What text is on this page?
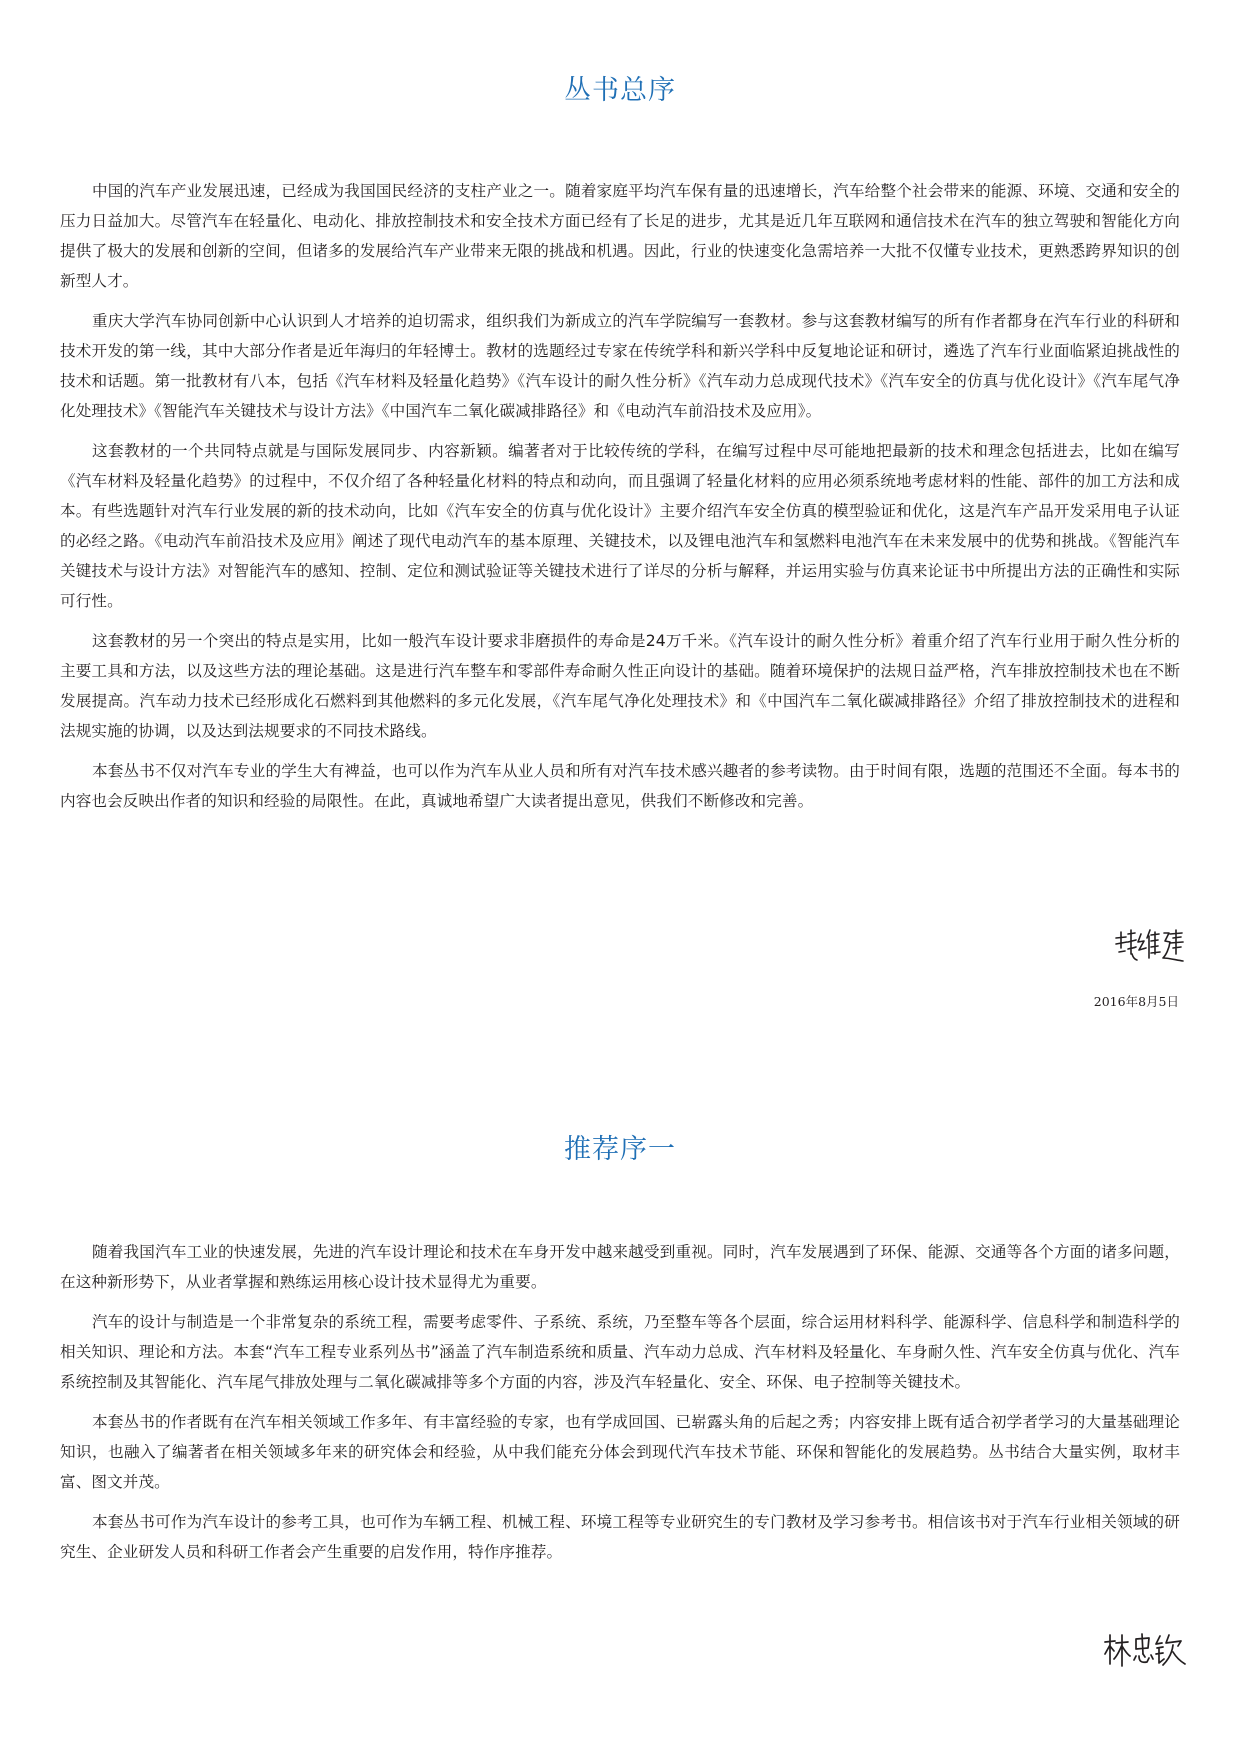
丛书总序

中国的汽车产业发展迅速，已经成为我国国民经济的支柱产业之一。随着家庭平均汽车保有量的迅速增长，汽车给整个社会带来的能源、环境、交通和安全的压力日益加大。尽管汽车在轻量化、电动化、排放控制技术和安全技术方面已经有了长足的进步，尤其是近几年互联网和通信技术在汽车的独立驾驶和智能化方向提供了极大的发展和创新的空间，但诸多的发展给汽车产业带来无限的挑战和机遇。因此，行业的快速变化急需培养一大批不仅懂专业技术，更熟悉跨界知识的创新型人才。

重庆大学汽车协同创新中心认识到人才培养的迫切需求，组织我们为新成立的汽车学院编写一套教材。参与这套教材编写的所有作者都身在汽车行业的科研和技术开发的第一线，其中大部分作者是近年海归的年轻博士。教材的选题经过专家在传统学科和新兴学科中反复地论证和研讨，遴选了汽车行业面临紧迫挑战性的技术和话题。第一批教材有八本，包括《汽车材料及轻量化趋势》《汽车设计的耐久性分析》《汽车动力总成现代技术》《汽车安全的仿真与优化设计》《汽车尾气净化处理技术》《智能汽车关键技术与设计方法》《中国汽车二氧化碳减排路径》和《电动汽车前沿技术及应用》。

这套教材的一个共同特点就是与国际发展同步、内容新颖。编著者对于比较传统的学科，在编写过程中尽可能地把最新的技术和理念包括进去，比如在编写《汽车材料及轻量化趋势》的过程中，不仅介绍了各种轻量化材料的特点和动向，而且强调了轻量化材料的应用必须系统地考虑材料的性能、部件的加工方法和成本。有些选题针对汽车行业发展的新的技术动向，比如《汽车安全的仿真与优化设计》主要介绍汽车安全仿真的模型验证和优化，这是汽车产品开发采用电子认证的必经之路。《电动汽车前沿技术及应用》阐述了现代电动汽车的基本原理、关键技术，以及锂电池汽车和氢燃料电池汽车在未来发展中的优势和挑战。《智能汽车关键技术与设计方法》对智能汽车的感知、控制、定位和测试验证等关键技术进行了详尽的分析与解释，并运用实验与仿真来论证书中所提出方法的正确性和实际可行性。

这套教材的另一个突出的特点是实用，比如一般汽车设计要求非磨损件的寿命是24万千米。《汽车设计的耐久性分析》着重介绍了汽车行业用于耐久性分析的主要工具和方法，以及这些方法的理论基础。这是进行汽车整车和零部件寿命耐久性正向设计的基础。随着环境保护的法规日益严格，汽车排放控制技术也在不断发展提高。汽车动力技术已经形成化石燃料到其他燃料的多元化发展，《汽车尾气净化处理技术》和《中国汽车二氧化碳减排路径》介绍了排放控制技术的进程和法规实施的协调，以及达到法规要求的不同技术路线。

本套丛书不仅对汽车专业的学生大有裨益，也可以作为汽车从业人员和所有对汽车技术感兴趣者的参考读物。由于时间有限，选题的范围还不全面。每本书的内容也会反映出作者的知识和经验的局限性。在此，真诚地希望广大读者提出意见，供我们不断修改和完善。

2016年8月5日
推荐序一

随着我国汽车工业的快速发展，先进的汽车设计理论和技术在车身开发中越来越受到重视。同时，汽车发展遇到了环保、能源、交通等各个方面的诸多问题，在这种新形势下，从业者掌握和熟练运用核心设计技术显得尤为重要。

汽车的设计与制造是一个非常复杂的系统工程，需要考虑零件、子系统、系统，乃至整车等各个层面，综合运用材料科学、能源科学、信息科学和制造科学的相关知识、理论和方法。本套“汽车工程专业系列丛书”涵盖了汽车制造系统和质量、汽车动力总成、汽车材料及轻量化、车身耐久性、汽车安全仿真与优化、汽车系统控制及其智能化、汽车尾气排放处理与二氧化碳减排等多个方面的内容，涉及汽车轻量化、安全、环保、电子控制等关键技术。

本套丛书的作者既有在汽车相关领域工作多年、有丰富经验的专家，也有学成回国、已崭露头角的后起之秀；内容安排上既有适合初学者学习的大量基础理论知识，也融入了编著者在相关领域多年来的研究体会和经验，从中我们能充分体会到现代汽车技术节能、环保和智能化的发展趋势。丛书结合大量实例，取材丰富、图文并茂。

本套丛书可作为汽车设计的参考工具，也可作为车辆工程、机械工程、环境工程等专业研究生的专门教材及学习参考书。相信该书对于汽车行业相关领域的研究生、企业研发人员和科研工作者会产生重要的启发作用，特作序推荐。
